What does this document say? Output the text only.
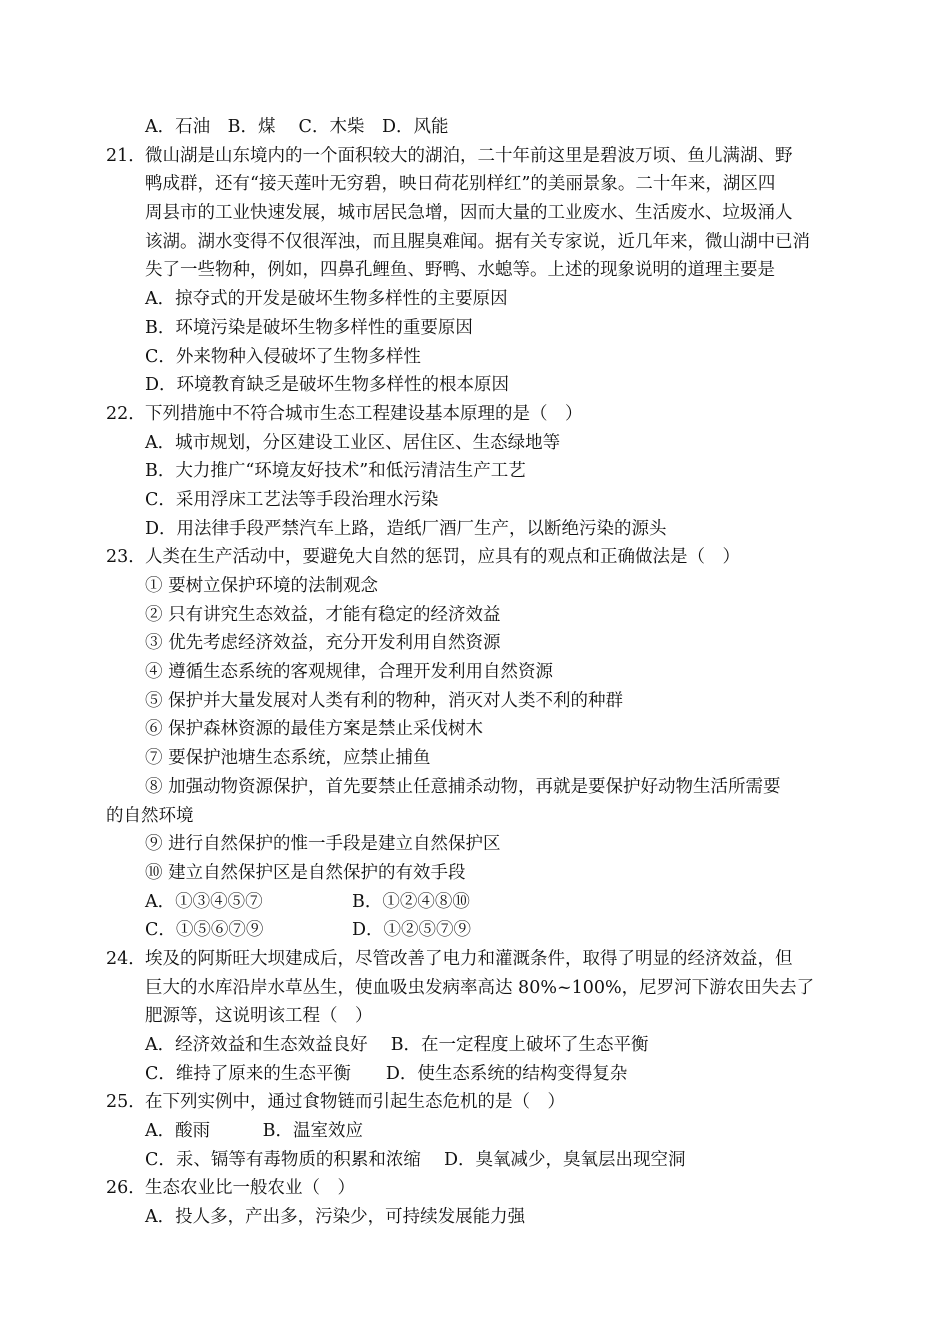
A．石油　B．煤　 C．木柴　D．风能
21． 微山湖是山东境内的一个面积较大的湖泊，二十年前这里是碧波万顷、鱼儿满湖、野
鸭成群，还有“接天莲叶无穷碧，映日荷花别样红”的美丽景象。二十年来，湖区四
周县市的工业快速发展，城市居民急增，因而大量的工业废水、生活废水、垃圾涌人
该湖。湖水变得不仅很浑浊，而且腥臭难闻。据有关专家说，近几年来，微山湖中已消
失了一些物种，例如，四鼻孔鲤鱼、野鸭、水螅等。上述的现象说明的道理主要是
A．掠夺式的开发是破坏生物多样性的主要原因
B．环境污染是破坏生物多样性的重要原因
C．外来物种入侵破坏了生物多样性
D．环境教育缺乏是破坏生物多样性的根本原因
22． 下列措施中不符合城市生态工程建设基本原理的是（　）
A．城市规划，分区建设工业区、居住区、生态绿地等
B．大力推广“环境友好技术”和低污清洁生产工艺
C．采用浮床工艺法等手段治理水污染
D．用法律手段严禁汽车上路，造纸厂酒厂生产，以断绝污染的源头
23． 人类在生产活动中，要避免大自然的惩罚，应具有的观点和正确做法是（　）
① 要树立保护环境的法制观念
② 只有讲究生态效益，才能有稳定的经济效益
③ 优先考虑经济效益，充分开发利用自然资源
④ 遵循生态系统的客观规律，合理开发利用自然资源
⑤ 保护并大量发展对人类有利的物种，消灭对人类不利的种群
⑥ 保护森林资源的最佳方案是禁止采伐树木
⑦ 要保护池塘生态系统，应禁止捕鱼
⑧ 加强动物资源保护，首先要禁止任意捕杀动物，再就是要保护好动物生活所需要
的自然环境
⑨ 进行自然保护的惟一手段是建立自然保护区
⑩ 建立自然保护区是自然保护的有效手段
A．①③④⑤⑦	B．①②④⑧⑩
C．①⑤⑥⑦⑨	D．①②⑤⑦⑨
24． 埃及的阿斯旺大坝建成后，尽管改善了电力和灌溉条件，取得了明显的经济效益，但
巨大的水库沿岸水草丛生，使血吸虫发病率高达 80%~100%，尼罗河下游农田失去了
肥源等，这说明该工程（　）
A．经济效益和生态效益良好　 B．在一定程度上破坏了生态平衡
C．维持了原来的生态平衡　　D．使生态系统的结构变得复杂
25． 在下列实例中，通过食物链而引起生态危机的是（　）
A．酸雨　　　B．温室效应
C．汞、镉等有毒物质的积累和浓缩　 D．臭氧减少，臭氧层出现空洞
26． 生态农业比一般农业（　）
A．投人多，产出多，污染少，可持续发展能力强
